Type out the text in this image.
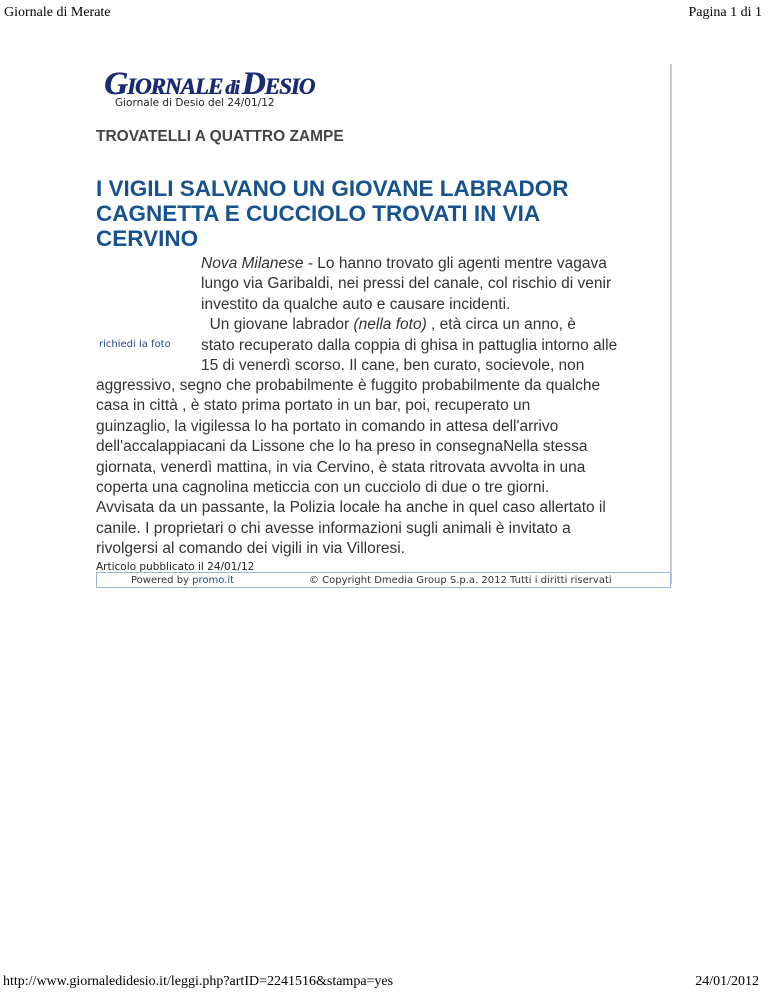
Giornale di Merate	Pagina 1 di 1
GIORNALE di DESIO
Giornale di Desio del 24/01/12
TROVATELLI A QUATTRO ZAMPE
I VIGILI SALVANO UN GIOVANE LABRADOR
CAGNETTA E CUCCIOLO TROVATI IN VIA
CERVINO
richiedi la foto
Nova Milanese - Lo hanno trovato gli agenti mentre vagava
lungo via Garibaldi, nei pressi del canale, col rischio di venir
investito da qualche auto e causare incidenti.
Un giovane labrador (nella foto) , età circa un anno, è
stato recuperato dalla coppia di ghisa in pattuglia intorno alle
15 di venerdì scorso. Il cane, ben curato, socievole, non
aggressivo, segno che probabilmente è fuggito probabilmente da qualche
casa in città , è stato prima portato in un bar, poi, recuperato un
guinzaglio, la vigilessa lo ha portato in comando in attesa dell'arrivo
dell'accalappiacani da Lissone che lo ha preso in consegnaNella stessa
giornata, venerdì mattina, in via Cervino, è stata ritrovata avvolta in una
coperta una cagnolina meticcia con un cucciolo di due o tre giorni.
Avvisata da un passante, la Polizia locale ha anche in quel caso allertato il
canile. I proprietari o chi avesse informazioni sugli animali è invitato a
rivolgersi al comando dei vigili in via Villoresi.
Articolo pubblicato il 24/01/12
Powered by promo.it	© Copyright Dmedia Group S.p.a. 2012 Tutti i diritti riservati
http://www.giornaledidesio.it/leggi.php?artID=2241516&stampa=yes	24/01/2012
